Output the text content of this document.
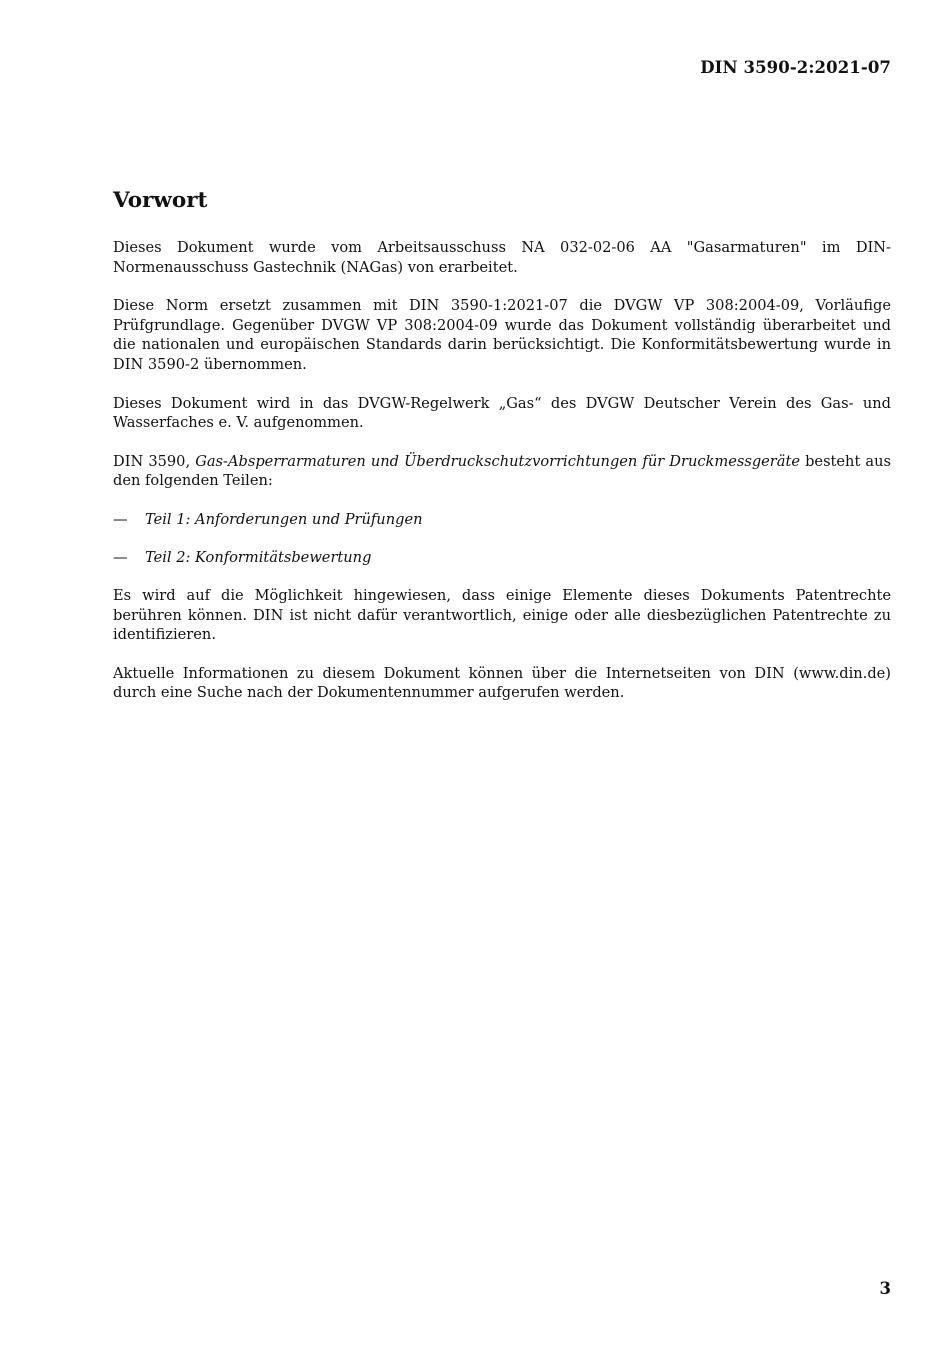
DIN 3590-2:2021-07
Vorwort

Dieses Dokument wurde vom Arbeitsausschuss NA 032-02-06 AA "Gasarmaturen" im DIN-Normenausschuss Gastechnik (NAGas) von erarbeitet.

Diese Norm ersetzt zusammen mit DIN 3590-1:2021-07 die DVGW VP 308:2004-09, Vorläufige Prüfgrundlage. Gegenüber DVGW VP 308:2004-09 wurde das Dokument vollständig überarbeitet und die nationalen und europäischen Standards darin berücksichtigt. Die Konformitätsbewertung wurde in DIN 3590-2 übernommen.

Dieses Dokument wird in das DVGW-Regelwerk „Gas“ des DVGW Deutscher Verein des Gas- und Wasserfaches e. V. aufgenommen.

DIN 3590, Gas-Absperrarmaturen und Überdruckschutzvorrichtungen für Druckmessgeräte besteht aus den folgenden Teilen:

—	Teil 1: Anforderungen und Prüfungen
—	Teil 2: Konformitätsbewertung

Es wird auf die Möglichkeit hingewiesen, dass einige Elemente dieses Dokuments Patentrechte berühren können. DIN ist nicht dafür verantwortlich, einige oder alle diesbezüglichen Patentrechte zu identifizieren.

Aktuelle Informationen zu diesem Dokument können über die Internetseiten von DIN (www.din.de) durch eine Suche nach der Dokumentennummer aufgerufen werden.

3
